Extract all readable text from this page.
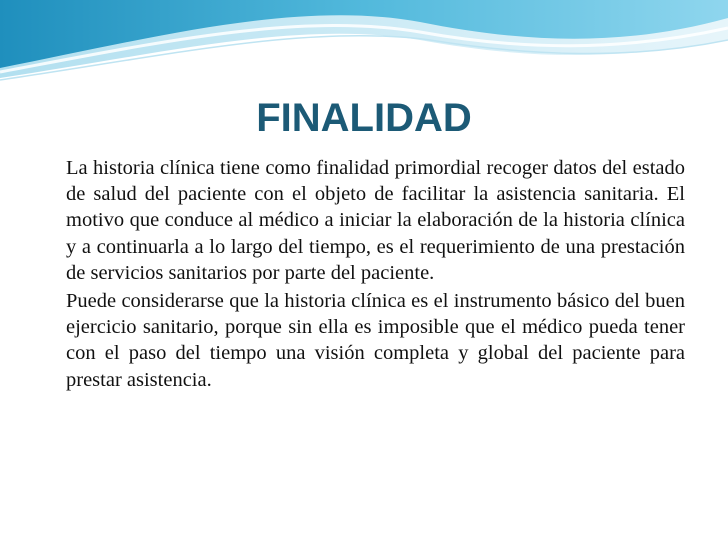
FINALIDAD

La historia clínica tiene como finalidad primordial recoger datos del estado de salud del paciente con el objeto de facilitar la asistencia sanitaria. El motivo que conduce al médico a iniciar la elaboración de la historia clínica y a continuarla a lo largo del tiempo, es el requerimiento de una prestación de servicios sanitarios por parte del paciente.

Puede considerarse que la historia clínica es el instrumento básico del buen ejercicio sanitario, porque sin ella es imposible que el médico pueda tener con el paso del tiempo una visión completa y global del paciente para prestar asistencia.
